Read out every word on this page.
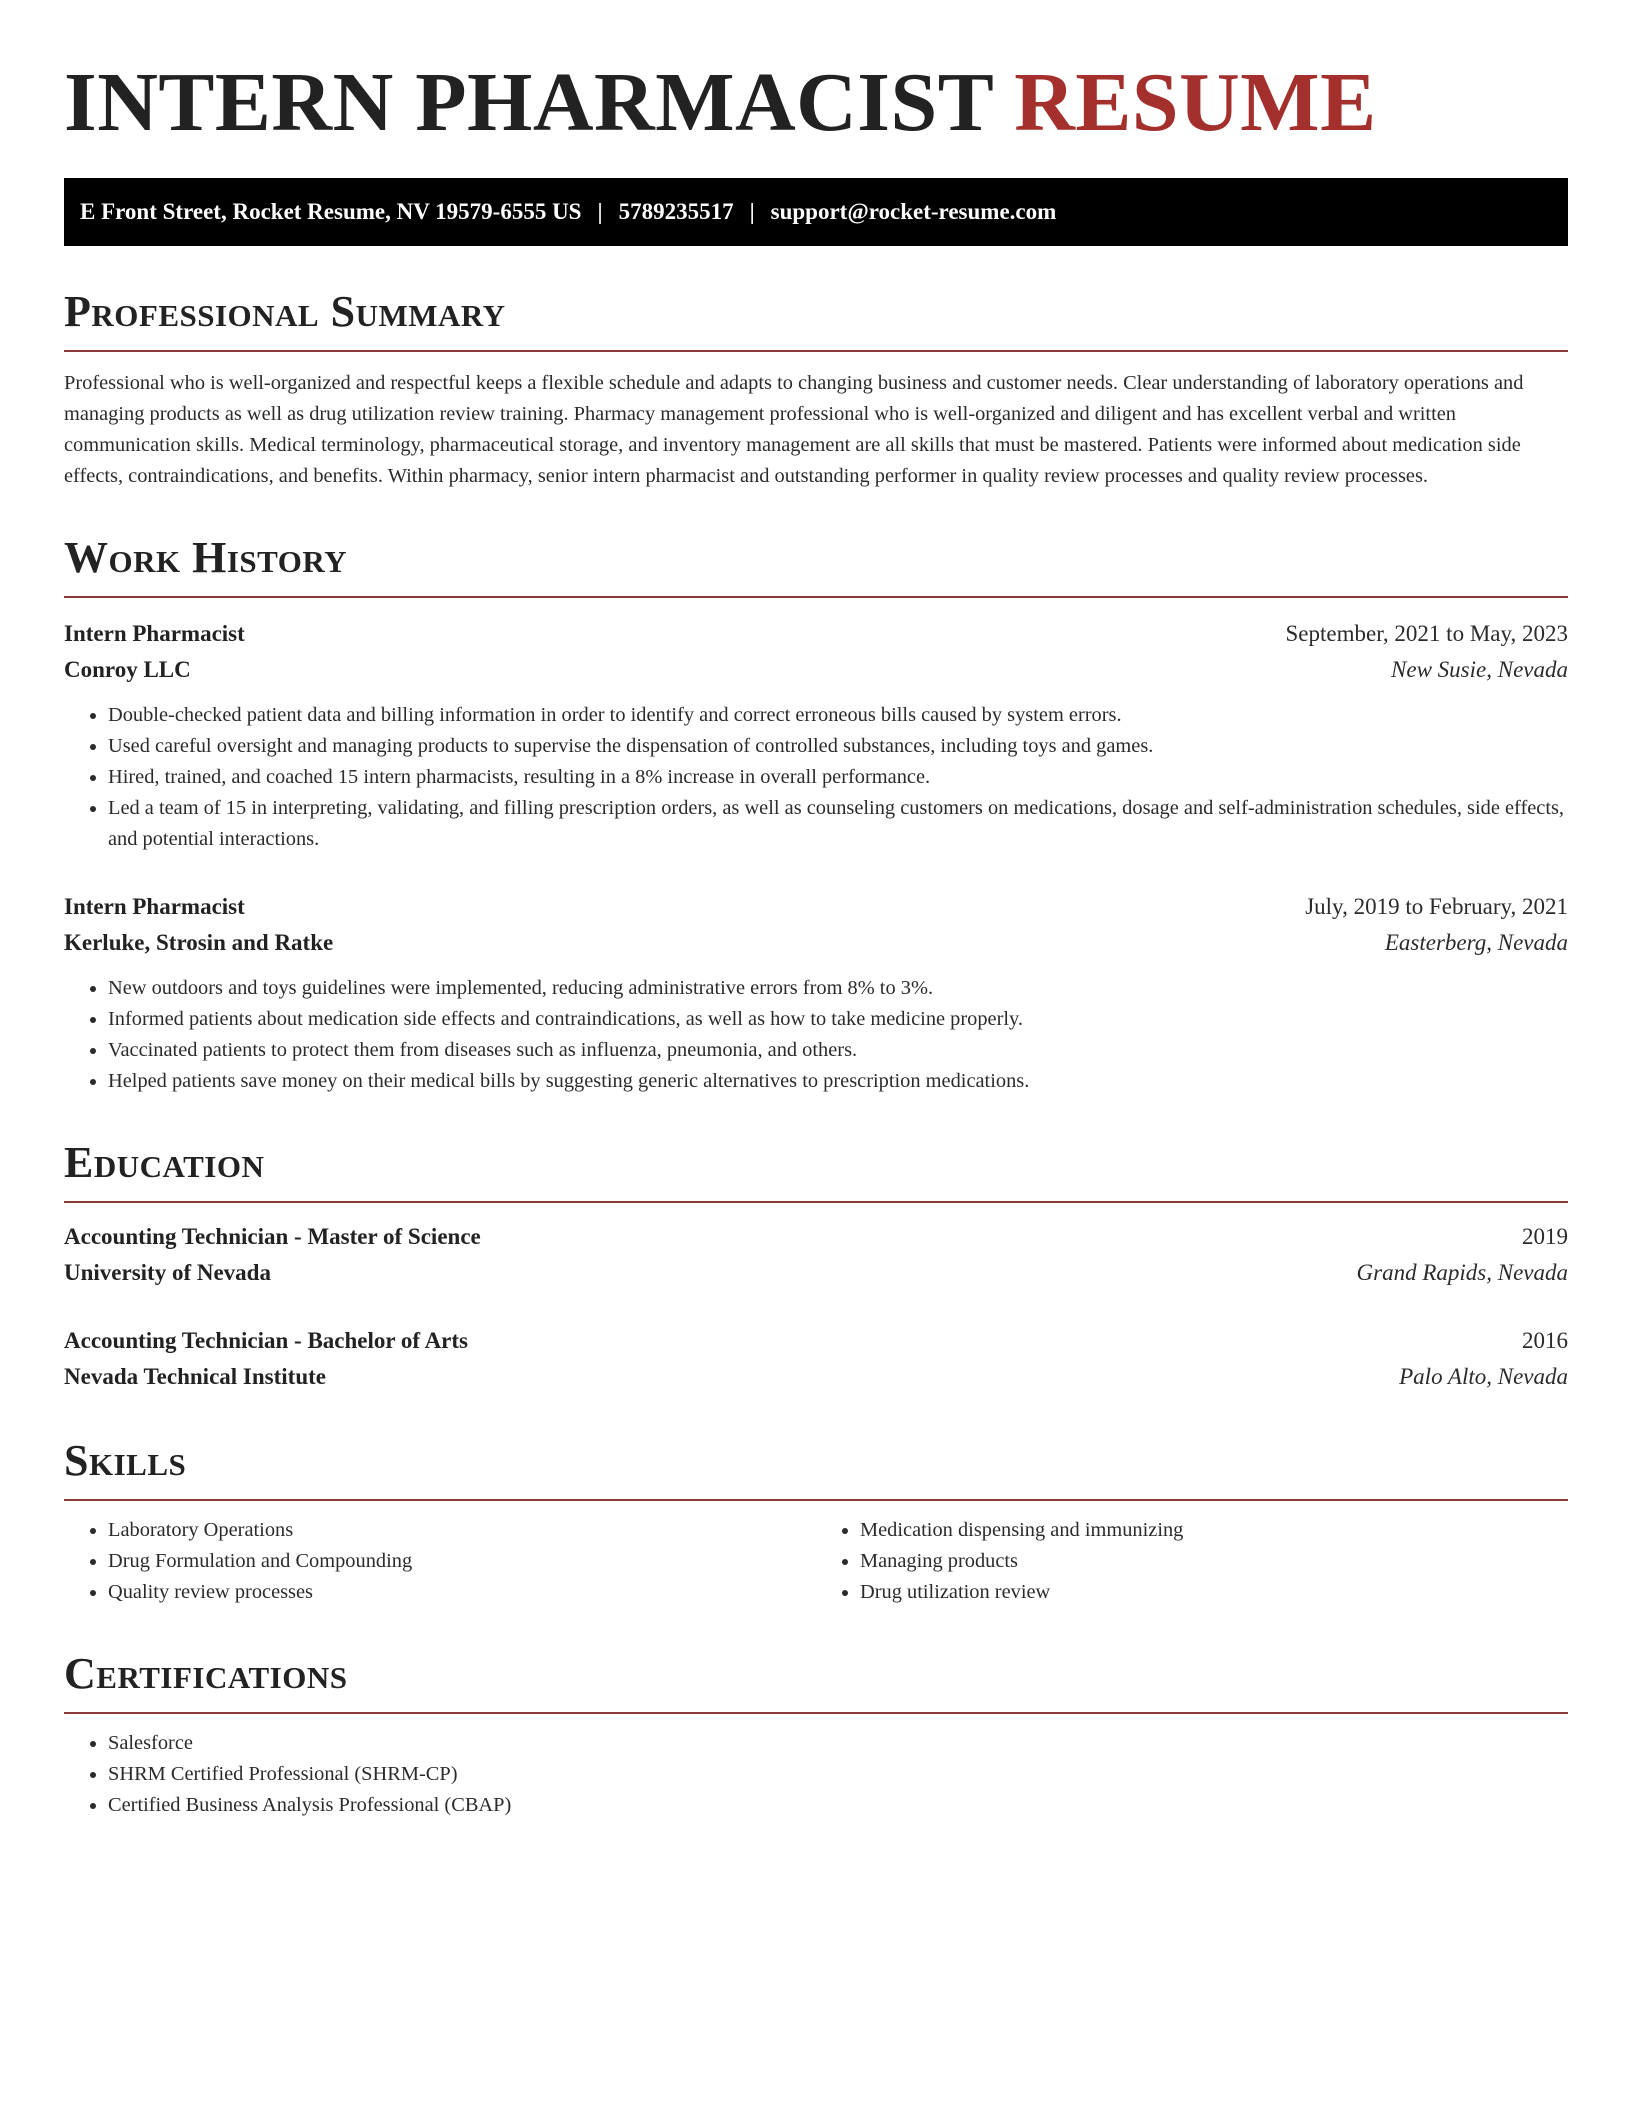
INTERN PHARMACIST RESUME
E Front Street, Rocket Resume, NV 19579-6555 US | 5789235517 | support@rocket-resume.com
Professional Summary

Professional who is well-organized and respectful keeps a flexible schedule and adapts to changing business and customer needs. Clear understanding of laboratory operations and managing products as well as drug utilization review training. Pharmacy management professional who is well-organized and diligent and has excellent verbal and written communication skills. Medical terminology, pharmaceutical storage, and inventory management are all skills that must be mastered. Patients were informed about medication side effects, contraindications, and benefits. Within pharmacy, senior intern pharmacist and outstanding performer in quality review processes and quality review processes.

Work History
Intern Pharmacist	September, 2021 to May, 2023
Conroy LLC	New Susie, Nevada
• Double-checked patient data and billing information in order to identify and correct erroneous bills caused by system errors.
• Used careful oversight and managing products to supervise the dispensation of controlled substances, including toys and games.
• Hired, trained, and coached 15 intern pharmacists, resulting in a 8% increase in overall performance.
• Led a team of 15 in interpreting, validating, and filling prescription orders, as well as counseling customers on medications, dosage and self-administration schedules, side effects, and potential interactions.
Intern Pharmacist	July, 2019 to February, 2021
Kerluke, Strosin and Ratke	Easterberg, Nevada
• New outdoors and toys guidelines were implemented, reducing administrative errors from 8% to 3%.
• Informed patients about medication side effects and contraindications, as well as how to take medicine properly.
• Vaccinated patients to protect them from diseases such as influenza, pneumonia, and others.
• Helped patients save money on their medical bills by suggesting generic alternatives to prescription medications.
Education
Accounting Technician - Master of Science	2019
University of Nevada	Grand Rapids, Nevada
Accounting Technician - Bachelor of Arts	2016
Nevada Technical Institute	Palo Alto, Nevada
Skills
• Laboratory Operations
• Drug Formulation and Compounding
• Quality review processes
• Medication dispensing and immunizing
• Managing products
• Drug utilization review
Certifications
• Salesforce
• SHRM Certified Professional (SHRM-CP)
• Certified Business Analysis Professional (CBAP)
